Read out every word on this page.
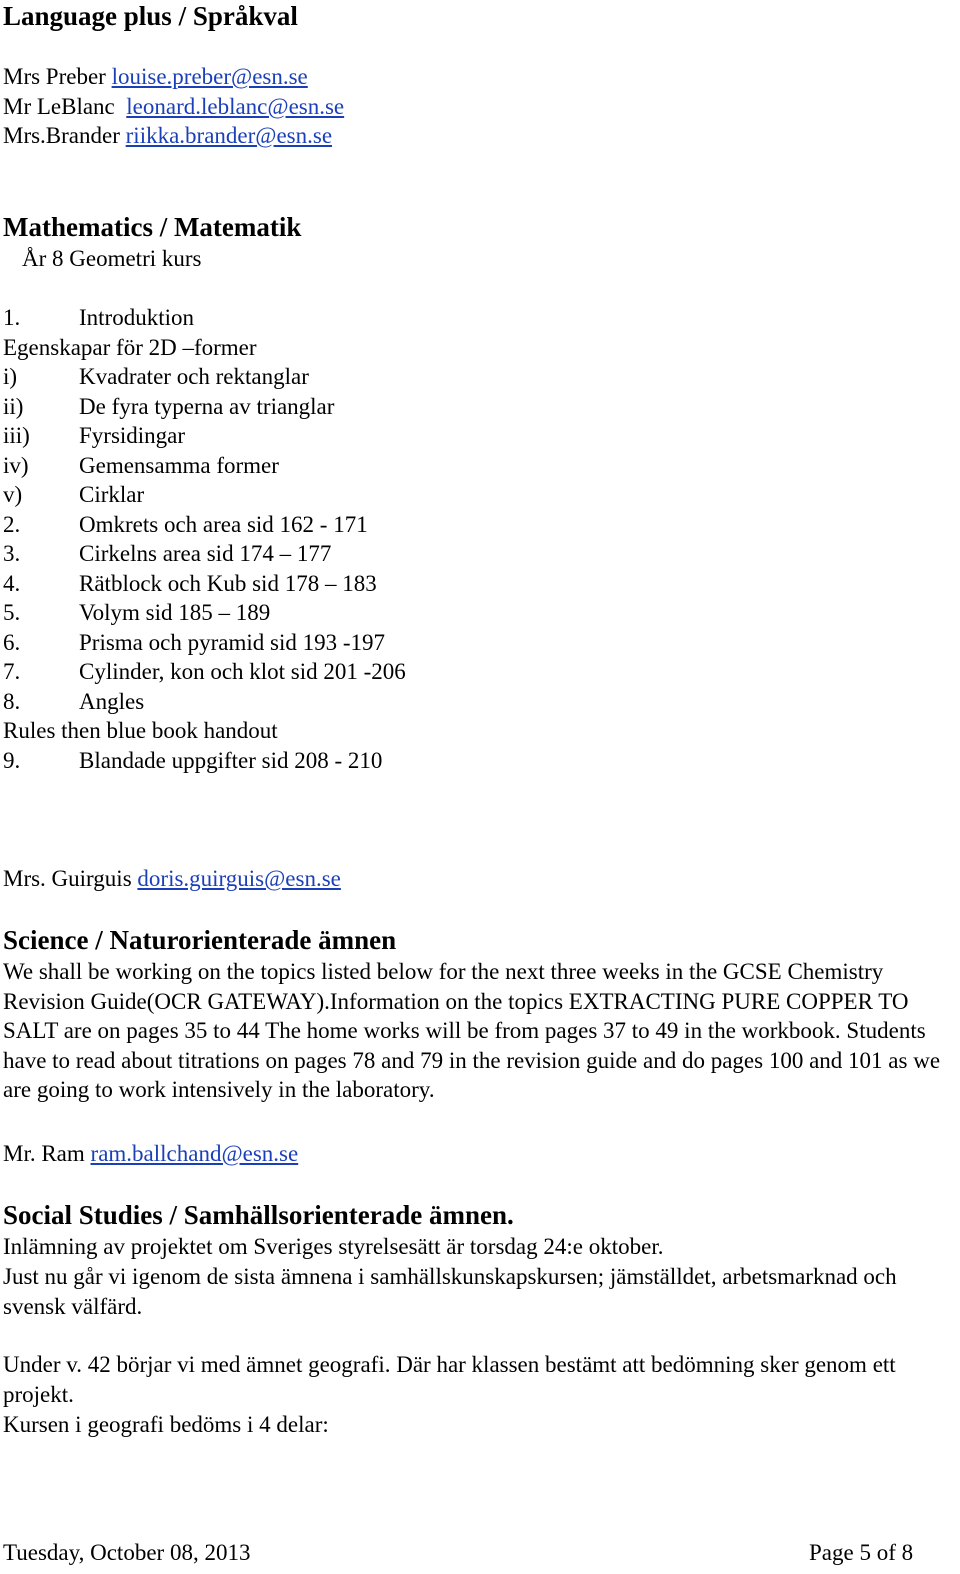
Language plus / Språkval
Mrs Preber louise.preber@esn.se
Mr LeBlanc leonard.leblanc@esn.se
Mrs.Brander riikka.brander@esn.se
Mathematics / Matematik
År 8 Geometri kurs
1.	Introduktion
Egenskapar för 2D –former
i)	Kvadrater och rektanglar
ii) De fyra typerna av trianglar
iii) Fyrsidingar
iv) Gemensamma former
v) Cirklar
2.	Omkrets och area sid 162 - 171
3.	Cirkelns area sid 174 – 177
4.	Rätblock och Kub sid 178 – 183
5.	Volym sid 185 – 189
6.	Prisma och pyramid sid 193 -197
7.	Cylinder, kon och klot sid 201 -206
8.	Angles
Rules then blue book handout
9.	Blandade uppgifter sid 208 - 210
Mrs. Guirguis doris.guirguis@esn.se
Science / Naturorienterade ämnen
We shall be working on the topics listed below for the next three weeks in the GCSE Chemistry Revision Guide(OCR GATEWAY).Information on the topics EXTRACTING PURE COPPER TO SALT are on pages 35 to 44 The home works will be from pages 37 to 49 in the workbook. Students have to read about titrations on pages 78 and 79 in the revision guide and do pages 100 and 101 as we are going to work intensively in the laboratory.
Mr. Ram ram.ballchand@esn.se
Social Studies / Samhällsorienterade ämnen.
Inlämning av projektet om Sveriges styrelsesätt är torsdag 24:e oktober.
Just nu går vi igenom de sista ämnena i samhällskunskapskursen; jämställdet, arbetsmarknad och svensk välfärd.
Under v. 42 börjar vi med ämnet geografi. Där har klassen bestämt att bedömning sker genom ett projekt.
Kursen i geografi bedöms i 4 delar:
Tuesday, October 08, 2013	Page 5 of 8
